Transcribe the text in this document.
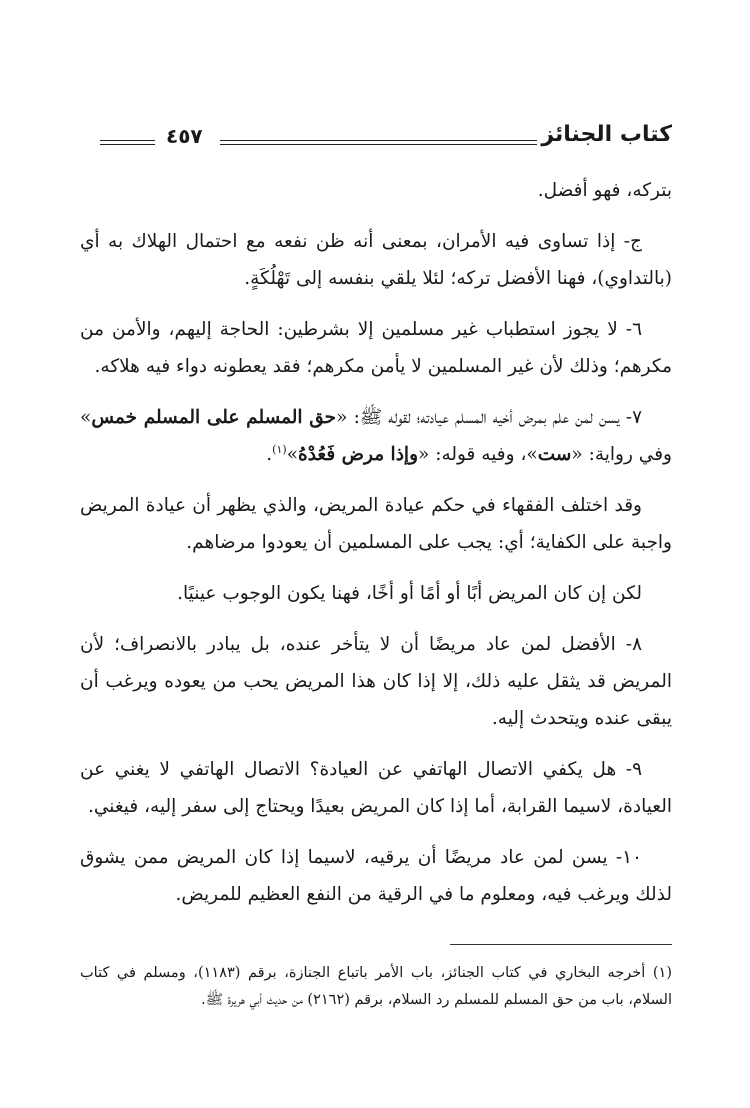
كتاب الجنائز
٤٥٧

بتركه، فهو أفضل.

ج- إذا تساوى فيه الأمران، بمعنى أنه ظن نفعه مع احتمال الهلاك به أي (بالتداوي)، فهنا الأفضل تركه؛ لئلا يلقي بنفسه إلى تَهْلُكَةٍ.

٦- لا يجوز استطباب غير مسلمين إلا بشرطين: الحاجة إليهم، والأمن من مكرهم؛ وذلك لأن غير المسلمين لا يأمن مكرهم؛ فقد يعطونه دواء فيه هلاكه.

٧- يسن لمن علم بمرض أخيه المسلم عيادته؛ لقوله ﷺ: «حق المسلم على المسلم خمس» وفي رواية: «ست»، وفيه قوله: «وإذا مرض فَعُدْهُ»$^{(١)}$.

وقد اختلف الفقهاء في حكم عيادة المريض، والذي يظهر أن عيادة المريض واجبة على الكفاية؛ أي: يجب على المسلمين أن يعودوا مرضاهم.

لكن إن كان المريض أبًا أو أمًا أو أخًا، فهنا يكون الوجوب عينيًا.

٨- الأفضل لمن عاد مريضًا أن لا يتأخر عنده، بل يبادر بالانصراف؛ لأن المريض قد يثقل عليه ذلك، إلا إذا كان هذا المريض يحب من يعوده ويرغب أن يبقى عنده ويتحدث إليه.

٩- هل يكفي الاتصال الهاتفي عن العيادة؟ الاتصال الهاتفي لا يغني عن العيادة، لاسيما القرابة، أما إذا كان المريض بعيدًا ويحتاج إلى سفر إليه، فيغني.

١٠- يسن لمن عاد مريضًا أن يرقيه، لاسيما إذا كان المريض ممن يشوق لذلك ويرغب فيه، ومعلوم ما في الرقية من النفع العظيم للمريض.

(١) أخرجه البخاري في كتاب الجنائز، باب الأمر باتباع الجنازة، برقم (١١٨٣)، ومسلم في كتاب السلام، باب من حق المسلم للمسلم رد السلام، برقم (٢١٦٢) من حديث أبي هريرة ﷺ.
